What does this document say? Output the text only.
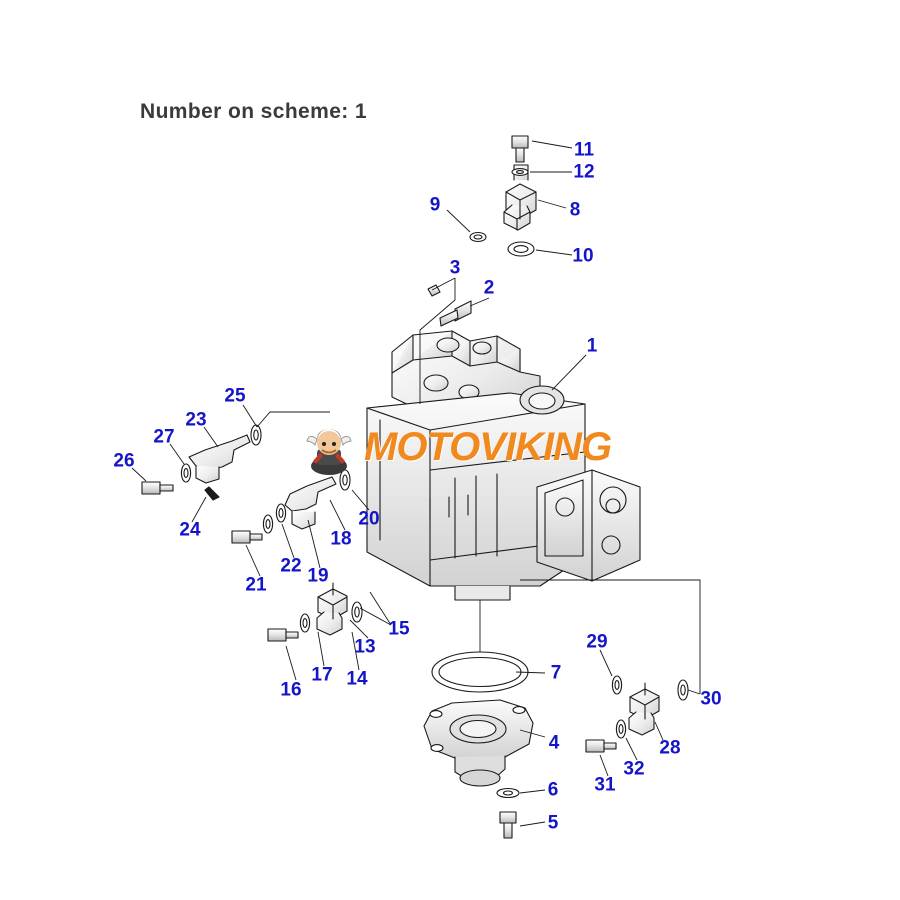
Number on scheme: 1
MOTOVIKING
11
12
8
9
10
3
2
1
25
23
27
26
24
20
18
19
22
21
15
13
14
17
16
7
29
30
28
32
31
4
6
5
